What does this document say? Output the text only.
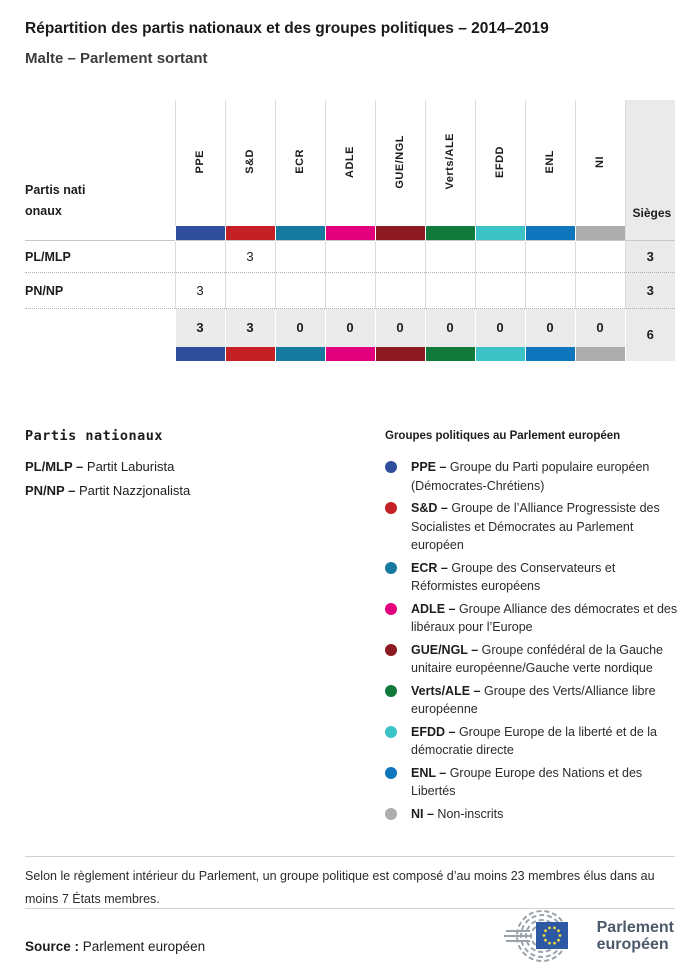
Répartition des partis nationaux et des groupes politiques – 2014–2019
Malte – Parlement sortant
Partis nationaux	PPE	S&D	ECR	ADLE	GUE/NGL	Verts/ALE	EFDD	ENL	NI	Sièges

PL/MLP		3								3
PN/NP	3									3
	3	3	0	0	0	0	0	0	0	6

Partis nationaux
PL/MLP – Partit Laburista
PN/NP – Partit Nazzjonalista
Groupes politiques au Parlement européen
PPE – Groupe du Parti populaire européen (Démocrates-Chrétiens)
S&D – Groupe de l’Alliance Progressiste des Socialistes et Démocrates au Parlement européen
ECR – Groupe des Conservateurs et Réformistes européens
ADLE – Groupe Alliance des démocrates et des libéraux pour l’Europe
GUE/NGL – Groupe confédéral de la Gauche unitaire européenne/Gauche verte nordique
Verts/ALE – Groupe des Verts/Alliance libre européenne
EFDD – Groupe Europe de la liberté et de la démocratie directe
ENL – Groupe Europe des Nations et des Libertés
NI – Non-inscrits
Selon le règlement intérieur du Parlement, un groupe politique est composé d’au moins 23 membres élus dans au moins 7 États membres.
Source : Parlement européen
Parlement
européen
